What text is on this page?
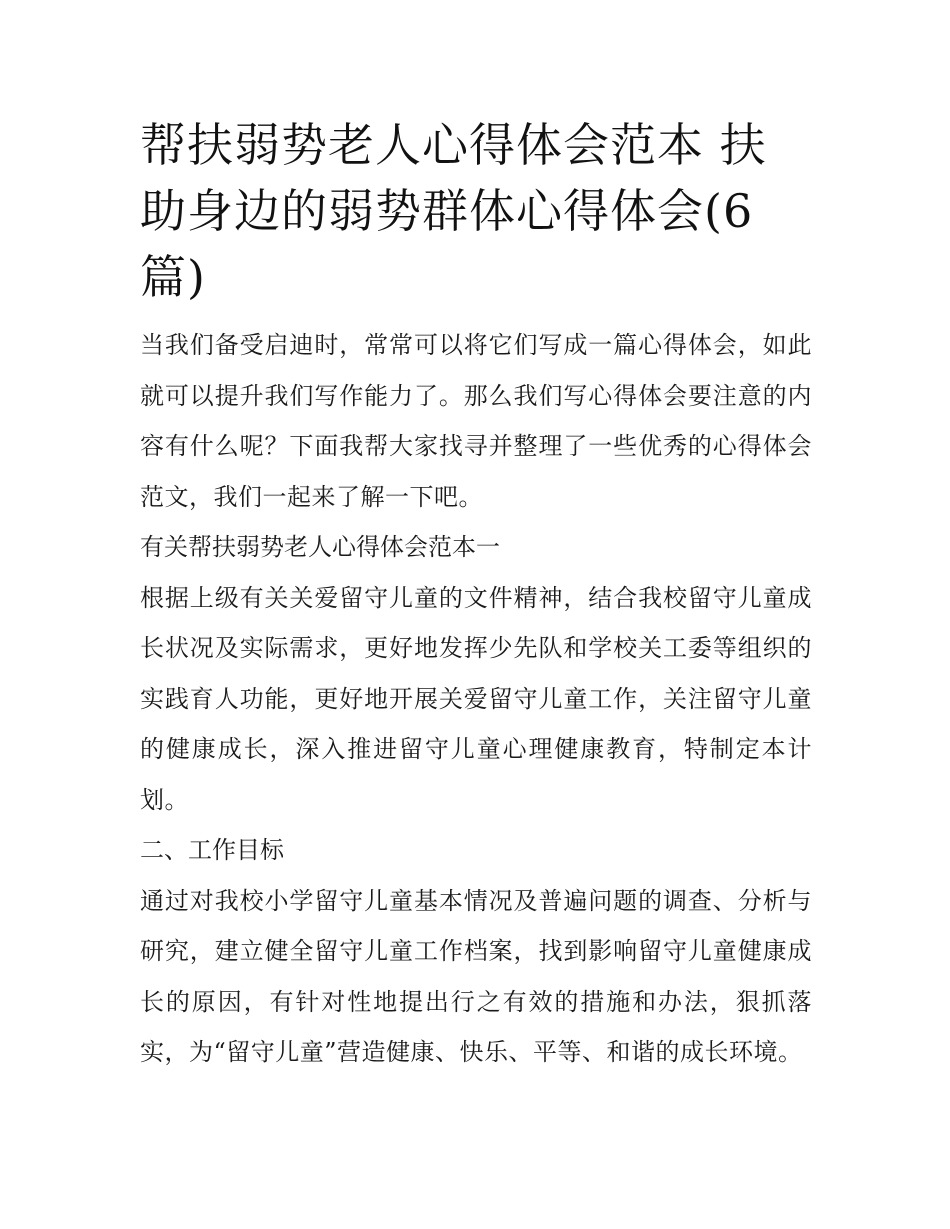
帮扶弱势老人心得体会范本 扶助身边的弱势群体心得体会(6篇)

当我们备受启迪时，常常可以将它们写成一篇心得体会，如此就可以提升我们写作能力了。那么我们写心得体会要注意的内容有什么呢？下面我帮大家找寻并整理了一些优秀的心得体会范文，我们一起来了解一下吧。

有关帮扶弱势老人心得体会范本一

根据上级有关关爱留守儿童的文件精神，结合我校留守儿童成长状况及实际需求，更好地发挥少先队和学校关工委等组织的实践育人功能，更好地开展关爱留守儿童工作，关注留守儿童的健康成长，深入推进留守儿童心理健康教育，特制定本计划。

二、工作目标

通过对我校小学留守儿童基本情况及普遍问题的调查、分析与研究，建立健全留守儿童工作档案，找到影响留守儿童健康成长的原因，有针对性地提出行之有效的措施和办法，狠抓落实，为“留守儿童”营造健康、快乐、平等、和谐的成长环境。
